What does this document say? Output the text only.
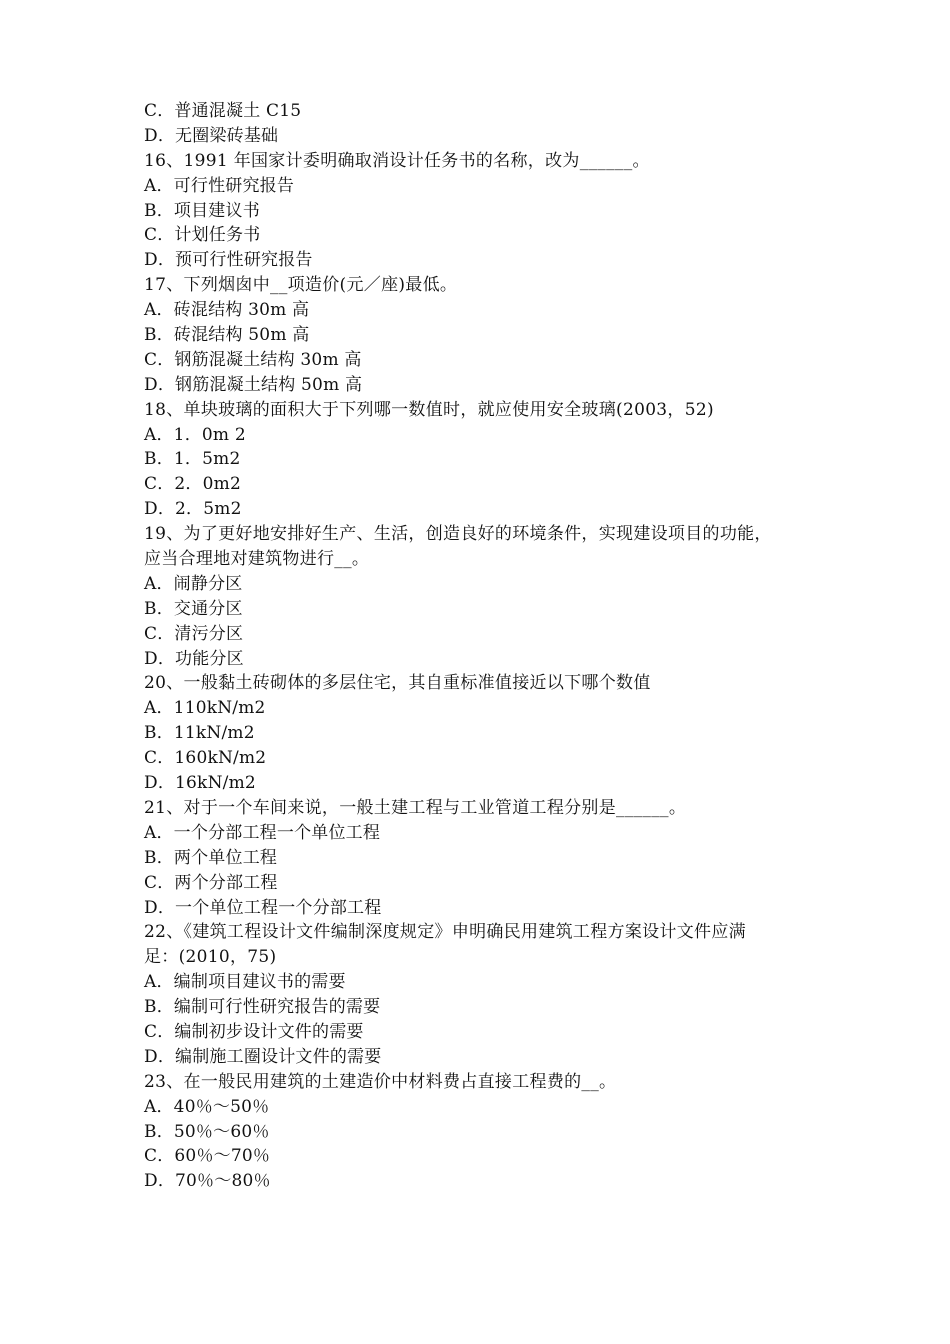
C．普通混凝土 C15
D．无圈梁砖基础
16、1991 年国家计委明确取消设计任务书的名称，改为______。
A．可行性研究报告
B．项目建议书
C．计划任务书
D．预可行性研究报告
17、下列烟囱中__项造价(元／座)最低。
A．砖混结构 30m 高
B．砖混结构 50m 高
C．钢筋混凝土结构 30m 高
D．钢筋混凝土结构 50m 高
18、单块玻璃的面积大于下列哪一数值时，就应使用安全玻璃(2003，52)
A．1．0m 2
B．1．5m2
C．2．0m2
D．2．5m2
19、为了更好地安排好生产、生活，创造良好的环境条件，实现建设项目的功能，
应当合理地对建筑物进行__。
A．闹静分区
B．交通分区
C．清污分区
D．功能分区
20、一般黏土砖砌体的多层住宅，其自重标准值接近以下哪个数值
A．110kN/m2
B．11kN/m2
C．160kN/m2
D．16kN/m2
21、对于一个车间来说，一般土建工程与工业管道工程分别是______。
A．一个分部工程一个单位工程
B．两个单位工程
C．两个分部工程
D．一个单位工程一个分部工程
22、《建筑工程设计文件编制深度规定》申明确民用建筑工程方案设计文件应满
足：(2010，75)
A．编制项目建议书的需要
B．编制可行性研究报告的需要
C．编制初步设计文件的需要
D．编制施工圈设计文件的需要
23、在一般民用建筑的土建造价中材料费占直接工程费的__。
A．40％～50％
B．50％～60％
C．60％～70％
D．70％～80％
